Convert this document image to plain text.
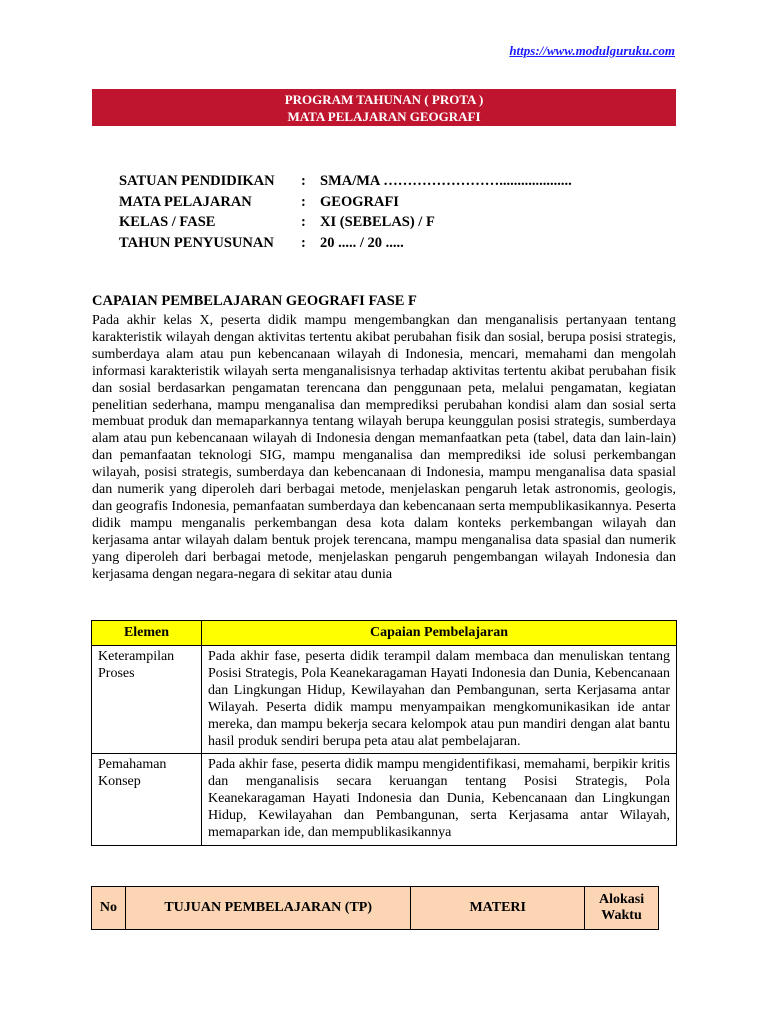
https://www.modulguruku.com
PROGRAM TAHUNAN ( PROTA )
MATA PELAJARAN GEOGRAFI
SATUAN PENDIDIKAN	: SMA/MA ……………………....................
MATA PELAJARAN	: GEOGRAFI
KELAS / FASE	: XI (SEBELAS) / F
TAHUN PENYUSUNAN	: 20 ..... / 20 .....
CAPAIAN PEMBELAJARAN GEOGRAFI FASE F

Pada akhir kelas X, peserta didik mampu mengembangkan dan menganalisis pertanyaan tentang karakteristik wilayah dengan aktivitas tertentu akibat perubahan fisik dan sosial, berupa posisi strategis, sumberdaya alam atau pun kebencanaan wilayah di Indonesia, mencari, memahami dan mengolah informasi karakteristik wilayah serta menganalisisnya terhadap aktivitas tertentu akibat perubahan fisik dan sosial berdasarkan pengamatan terencana dan penggunaan peta, melalui pengamatan, kegiatan penelitian sederhana, mampu menganalisa dan memprediksi perubahan kondisi alam dan sosial serta membuat produk dan memaparkannya tentang wilayah berupa keunggulan posisi strategis, sumberdaya alam atau pun kebencanaan wilayah di Indonesia dengan memanfaatkan peta (tabel, data dan lain-lain) dan pemanfaatan teknologi SIG, mampu menganalisa dan memprediksi ide solusi perkembangan wilayah, posisi strategis, sumberdaya dan kebencanaan di Indonesia, mampu menganalisa data spasial dan numerik yang diperoleh dari berbagai metode, menjelaskan pengaruh letak astronomis, geologis, dan geografis Indonesia, pemanfaatan sumberdaya dan kebencanaan serta mempublikasikannya. Peserta didik mampu menganalis perkembangan desa kota dalam konteks perkembangan wilayah dan kerjasama antar wilayah dalam bentuk projek terencana, mampu menganalisa data spasial dan numerik yang diperoleh dari berbagai metode, menjelaskan pengaruh pengembangan wilayah Indonesia dan kerjasama dengan negara-negara di sekitar atau dunia

Elemen	Capaian Pembelajaran
Keterampilan Proses	Pada akhir fase, peserta didik terampil dalam membaca dan menuliskan tentang Posisi Strategis, Pola Keanekaragaman Hayati Indonesia dan Dunia, Kebencanaan dan Lingkungan Hidup, Kewilayahan dan Pembangunan, serta Kerjasama antar Wilayah. Peserta didik mampu menyampaikan mengkomunikasikan ide antar mereka, dan mampu bekerja secara kelompok atau pun mandiri dengan alat bantu hasil produk sendiri berupa peta atau alat pembelajaran.
Pemahaman Konsep	Pada akhir fase, peserta didik mampu mengidentifikasi, memahami, berpikir kritis dan menganalisis secara keruangan tentang Posisi Strategis, Pola Keanekaragaman Hayati Indonesia dan Dunia, Kebencanaan dan Lingkungan Hidup, Kewilayahan dan Pembangunan, serta Kerjasama antar Wilayah, memaparkan ide, dan mempublikasikannya
No	TUJUAN PEMBELAJARAN (TP)	MATERI	Alokasi Waktu
